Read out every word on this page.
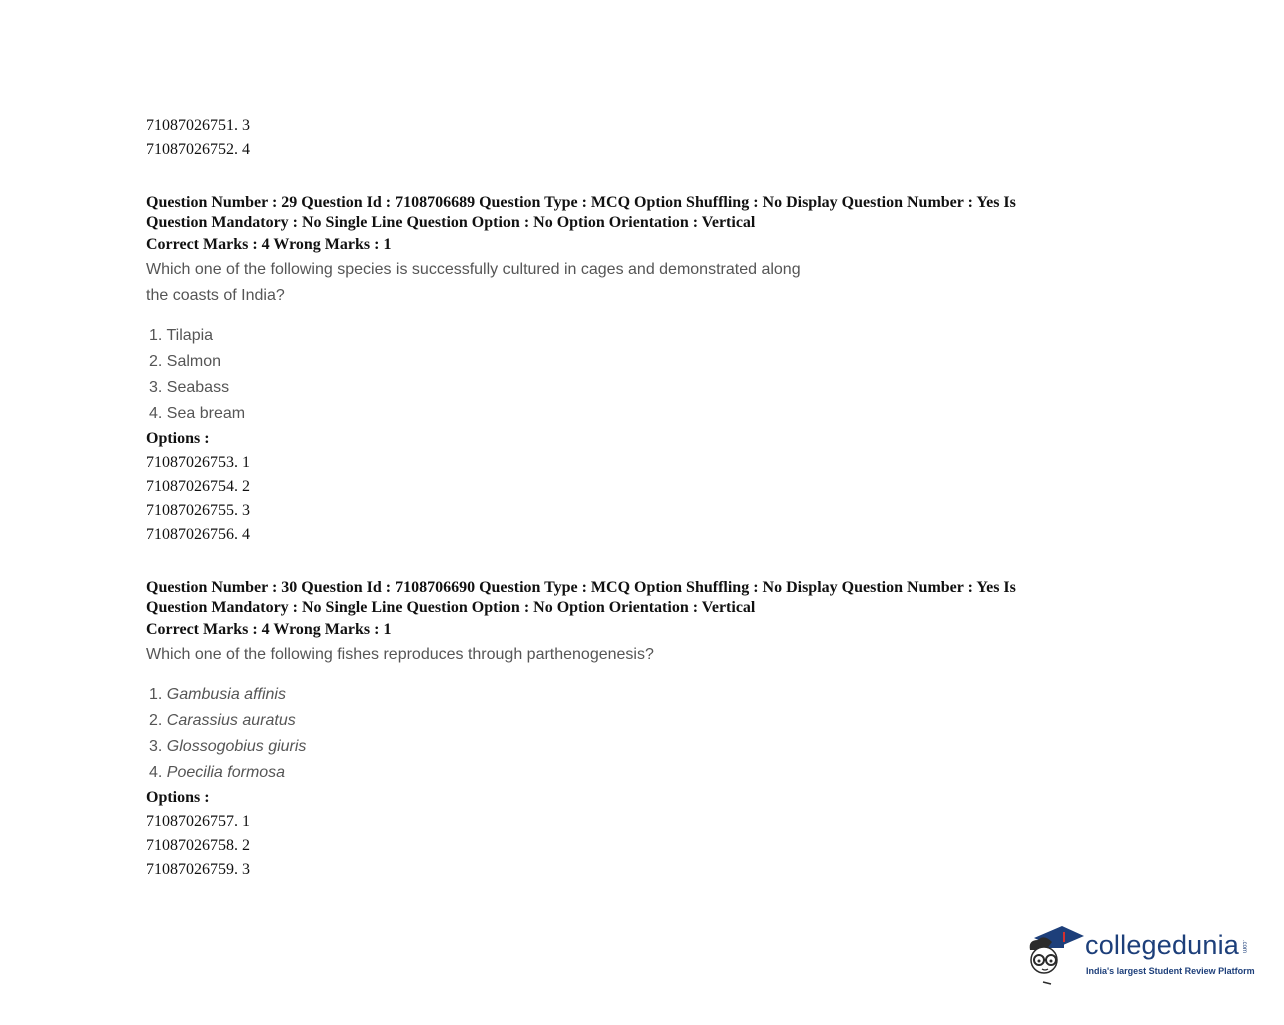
71087026751. 3

71087026752. 4

Question Number : 29 Question Id : 7108706689 Question Type : MCQ Option Shuffling : No Display Question Number : Yes Is

Question Mandatory : No Single Line Question Option : No Option Orientation : Vertical

Correct Marks : 4 Wrong Marks : 1

Which one of the following species is successfully cultured in cages and demonstrated along

the coasts of India?

1. Tilapia
2. Salmon
3. Seabass
4. Sea bream

Options :

71087026753. 1

71087026754. 2

71087026755. 3

71087026756. 4

Question Number : 30 Question Id : 7108706690 Question Type : MCQ Option Shuffling : No Display Question Number : Yes Is

Question Mandatory : No Single Line Question Option : No Option Orientation : Vertical

Correct Marks : 4 Wrong Marks : 1

Which one of the following fishes reproduces through parthenogenesis?

1. Gambusia affinis
2. Carassius auratus
3. Glossogobius giuris
4. Poecilia formosa

Options :

71087026757. 1

71087026758. 2

71087026759. 3

collegedunia .com
India's largest Student Review Platform
